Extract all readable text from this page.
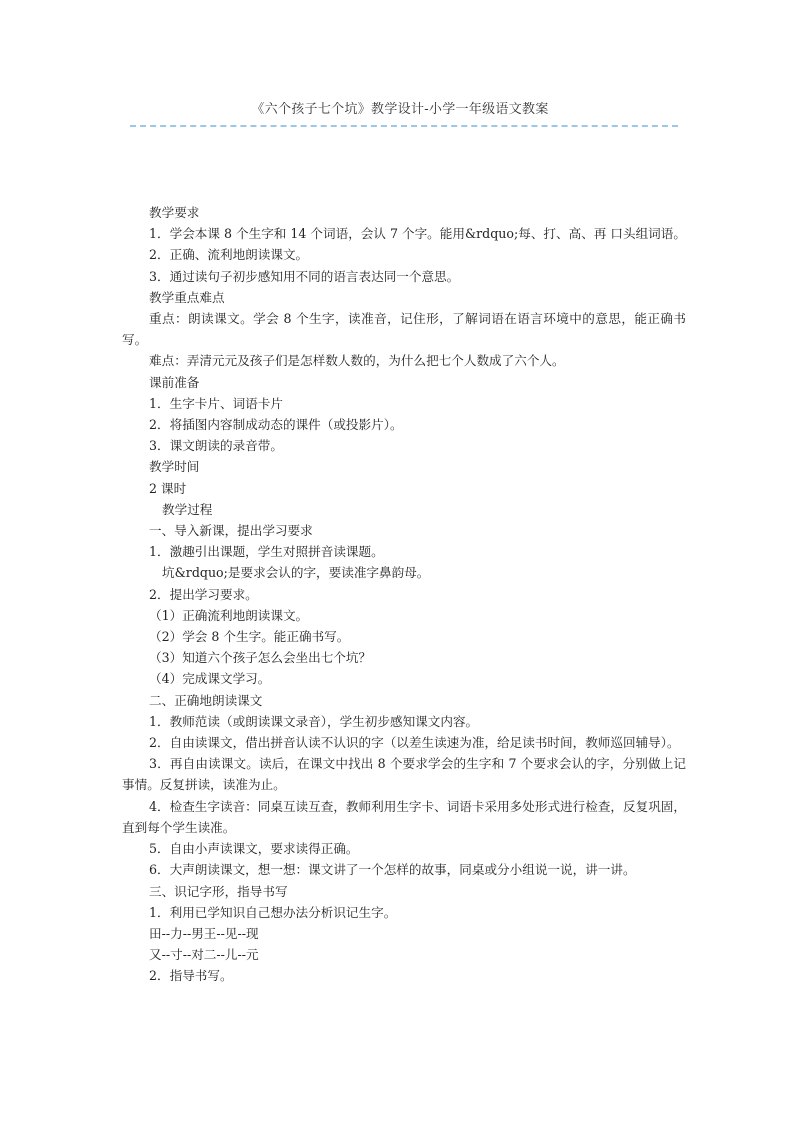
《六个孩子七个坑》教学设计-小学一年级语文教案
教学要求
1．学会本课 8 个生字和 14 个词语，会认 7 个字。能用&rdquo;每、打、高、再 口头组词语。
2．正确、流利地朗读课文。
3．通过读句子初步感知用不同的语言表达同一个意思。
教学重点难点
重点：朗读课文。学会 8 个生字，读准音，记住形，了解词语在语言环境中的意思，能正确书写。
难点：弄清元元及孩子们是怎样数人数的，为什么把七个人数成了六个人。
课前准备
1．生字卡片、词语卡片
2．将插图内容制成动态的课件（或投影片）。
3．课文朗读的录音带。
教学时间
2 课时
教学过程
一、导入新课，提出学习要求
1．激趣引出课题，学生对照拼音读课题。
坑&rdquo;是要求会认的字，要读准字鼻韵母。
2．提出学习要求。
（1）正确流利地朗读课文。
（2）学会 8 个生字。能正确书写。
（3）知道六个孩子怎么会坐出七个坑？
（4）完成课文学习。
二、正确地朗读课文
1．教师范读（或朗读课文录音），学生初步感知课文内容。
2．自由读课文，借出拼音认读不认识的字（以差生读速为准，给足读书时间，教师巡回辅导）。
3．再自由读课文。读后，在课文中找出 8 个要求学会的生字和 7 个要求会认的字，分别做上记事情。反复拼读，读准为止。
4．检查生字读音：同桌互读互查，教师利用生字卡、词语卡采用多处形式进行检查，反复巩固，直到每个学生读准。
5．自由小声读课文，要求读得正确。
6．大声朗读课文，想一想：课文讲了一个怎样的故事，同桌或分小组说一说，讲一讲。
三、识记字形，指导书写
1．利用已学知识自己想办法分析识记生字。
田--力--男王--见--现
又--寸--对二--儿--元
2．指导书写。
